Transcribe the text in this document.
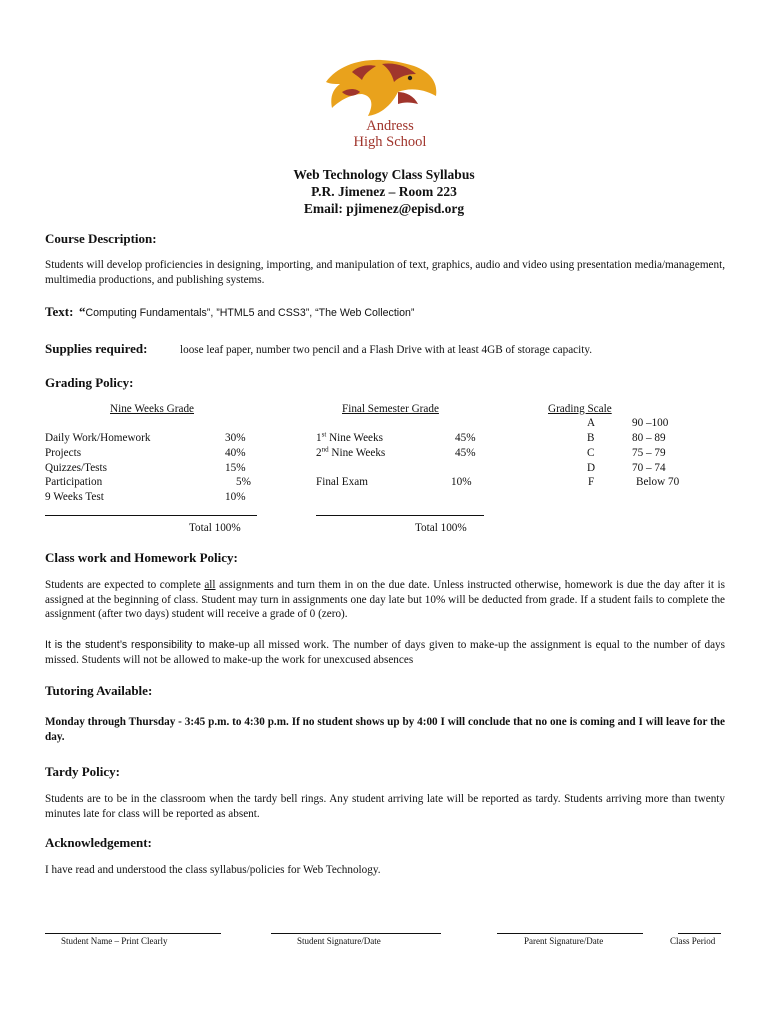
Andress
High School
Web Technology Class Syllabus
P.R. Jimenez – Room 223
Email: pjimenez@episd.org
Course Description:
Students will develop proficiencies in designing, importing, and manipulation of text, graphics, audio and video using presentation media/management, multimedia productions, and publishing systems.
Text: “Computing Fundamentals”, ”HTML5 and CSS3”, “The Web Collection”
Supplies required:	loose leaf paper, number two pencil and a Flash Drive with at least 4GB of storage capacity.
Grading Policy:
Nine Weeks Grade
Daily Work/Homework	30%
Projects	40%
Quizzes/Tests	15%
Participation	5%
9 Weeks Test	10%
Total 100%
Final Semester Grade
1st Nine Weeks	45%
2nd Nine Weeks	45%
Final Exam	10%
Total 100%
Grading Scale
A	90 –100
B	80 – 89
C	75 – 79
D	70 – 74
F	Below 70
Class work and Homework Policy:
Students are expected to complete all assignments and turn them in on the due date. Unless instructed otherwise, homework is due the day after it is assigned at the beginning of class. Student may turn in assignments one day late but 10% will be deducted from grade. If a student fails to complete the assignment (after two days) student will receive a grade of 0 (zero).
It is the student’s responsibility to make-up all missed work. The number of days given to make-up the assignment is equal to the number of days missed. Students will not be allowed to make-up the work for unexcused absences
Tutoring Available:
Monday through Thursday - 3:45 p.m. to 4:30 p.m. If no student shows up by 4:00 I will conclude that no one is coming and I will leave for the day.
Tardy Policy:
Students are to be in the classroom when the tardy bell rings. Any student arriving late will be reported as tardy. Students arriving more than twenty minutes late for class will be reported as absent.
Acknowledgement:
I have read and understood the class syllabus/policies for Web Technology.
Student Name – Print Clearly	Student Signature/Date	Parent Signature/Date	Class Period
